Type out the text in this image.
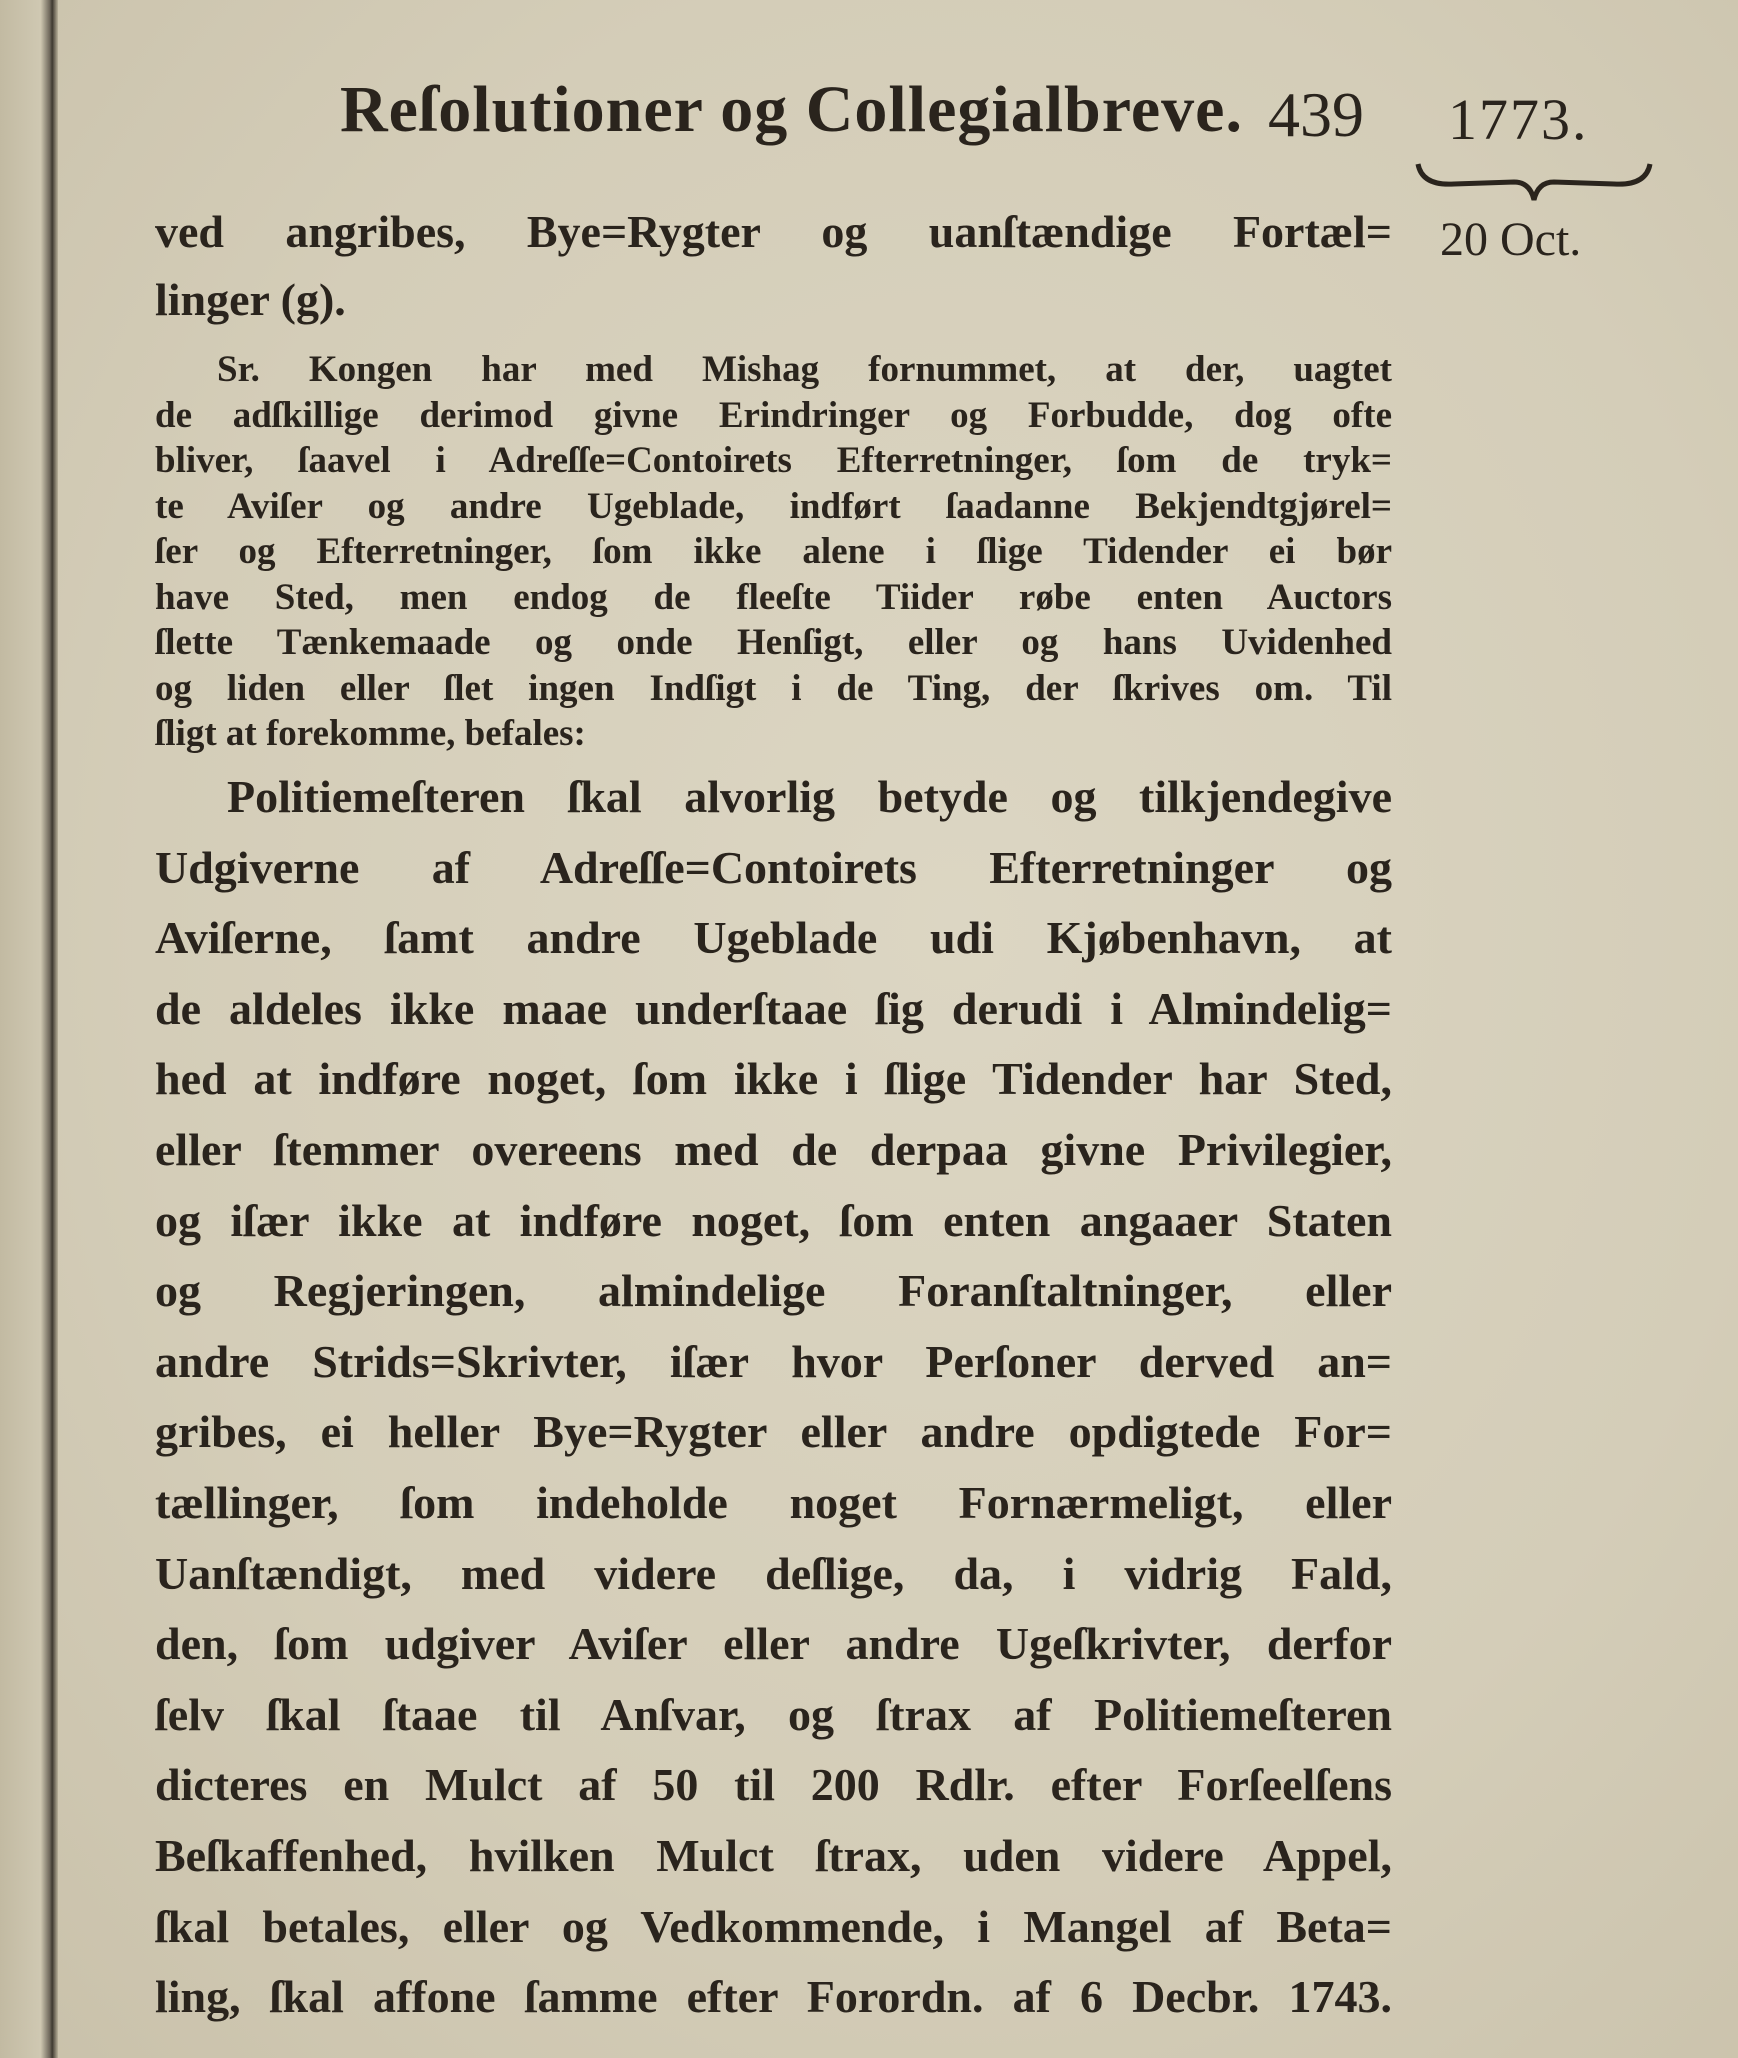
Reſolutioner og Collegialbreve. 439 1773.
20 Oct.
ved angribes, Bye=Rygter og uanſtændige Fortæl=
linger (g).
Sr. Kongen har med Mishag fornummet, at der, uagtet
de adſkillige derimod givne Erindringer og Forbudde, dog ofte
bliver, ſaavel i Adreſſe=Contoirets Efterretninger, ſom de tryk=
te Aviſer og andre Ugeblade, indført ſaadanne Bekjendtgjørel=
ſer og Efterretninger, ſom ikke alene i ſlige Tidender ei bør
have Sted, men endog de fleeſte Tiider røbe enten Auctors
ſlette Tænkemaade og onde Henſigt, eller og hans Uvidenhed
og liden eller ſlet ingen Indſigt i de Ting, der ſkrives om. Til
ſligt at forekomme, befales:
Politiemeſteren ſkal alvorlig betyde og tilkjendegive
Udgiverne af Adreſſe=Contoirets Efterretninger og
Aviſerne, ſamt andre Ugeblade udi Kjøbenhavn, at
de aldeles ikke maae underſtaae ſig derudi i Almindelig=
hed at indføre noget, ſom ikke i ſlige Tidender har Sted,
eller ſtemmer overeens med de derpaa givne Privilegier,
og iſær ikke at indføre noget, ſom enten angaaer Staten
og Regjeringen, almindelige Foranſtaltninger, eller
andre Strids=Skrivter, iſær hvor Perſoner derved an=
gribes, ei heller Bye=Rygter eller andre opdigtede For=
tællinger, ſom indeholde noget Fornærmeligt, eller
Uanſtændigt, med videre deſlige, da, i vidrig Fald,
den, ſom udgiver Aviſer eller andre Ugeſkrivter, derfor
ſelv ſkal ſtaae til Anſvar, og ſtrax af Politiemeſteren
dicteres en Mulct af 50 til 200 Rdlr. efter Forſeelſens
Beſkaffenhed, hvilken Mulct ſtrax, uden videre Appel,
ſkal betales, eller og Vedkommende, i Mangel af Beta=
ling, ſkal affone ſamme efter Forordn. af 6 Decbr. 1743.
